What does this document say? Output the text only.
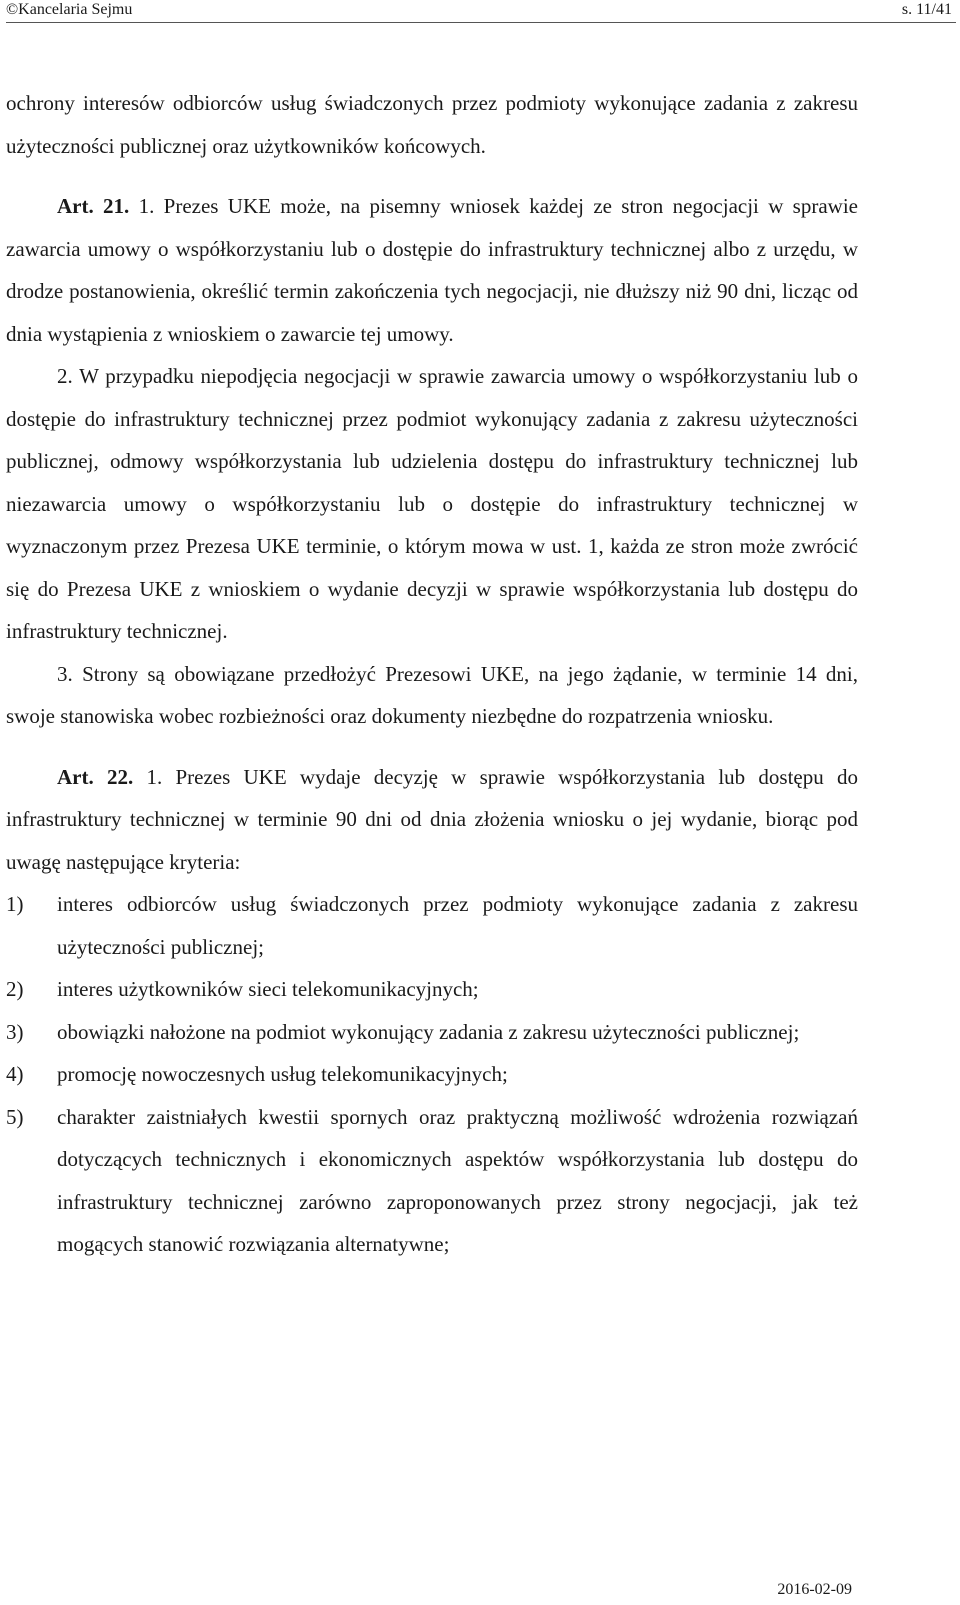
©Kancelaria Sejmu	s. 11/41

ochrony interesów odbiorców usług świadczonych przez podmioty wykonujące zadania z zakresu użyteczności publicznej oraz użytkowników końcowych.

Art. 21. 1. Prezes UKE może, na pisemny wniosek każdej ze stron negocjacji w sprawie zawarcia umowy o współkorzystaniu lub o dostępie do infrastruktury technicznej albo z urzędu, w drodze postanowienia, określić termin zakończenia tych negocjacji, nie dłuższy niż 90 dni, licząc od dnia wystąpienia z wnioskiem o zawarcie tej umowy.

2. W przypadku niepodjęcia negocjacji w sprawie zawarcia umowy o współkorzystaniu lub o dostępie do infrastruktury technicznej przez podmiot wykonujący zadania z zakresu użyteczności publicznej, odmowy współkorzystania lub udzielenia dostępu do infrastruktury technicznej lub niezawarcia umowy o współkorzystaniu lub o dostępie do infrastruktury technicznej w wyznaczonym przez Prezesa UKE terminie, o którym mowa w ust. 1, każda ze stron może zwrócić się do Prezesa UKE z wnioskiem o wydanie decyzji w sprawie współkorzystania lub dostępu do infrastruktury technicznej.

3. Strony są obowiązane przedłożyć Prezesowi UKE, na jego żądanie, w terminie 14 dni, swoje stanowiska wobec rozbieżności oraz dokumenty niezbędne do rozpatrzenia wniosku.

Art. 22. 1. Prezes UKE wydaje decyzję w sprawie współkorzystania lub dostępu do infrastruktury technicznej w terminie 90 dni od dnia złożenia wniosku o jej wydanie, biorąc pod uwagę następujące kryteria:

1)	interes odbiorców usług świadczonych przez podmioty wykonujące zadania z zakresu użyteczności publicznej;
2)	interes użytkowników sieci telekomunikacyjnych;
3)	obowiązki nałożone na podmiot wykonujący zadania z zakresu użyteczności publicznej;
4)	promocję nowoczesnych usług telekomunikacyjnych;
5)	charakter zaistniałych kwestii spornych oraz praktyczną możliwość wdrożenia rozwiązań dotyczących technicznych i ekonomicznych aspektów współkorzystania lub dostępu do infrastruktury technicznej zarówno zaproponowanych przez strony negocjacji, jak też mogących stanowić rozwiązania alternatywne;
2016-02-09
